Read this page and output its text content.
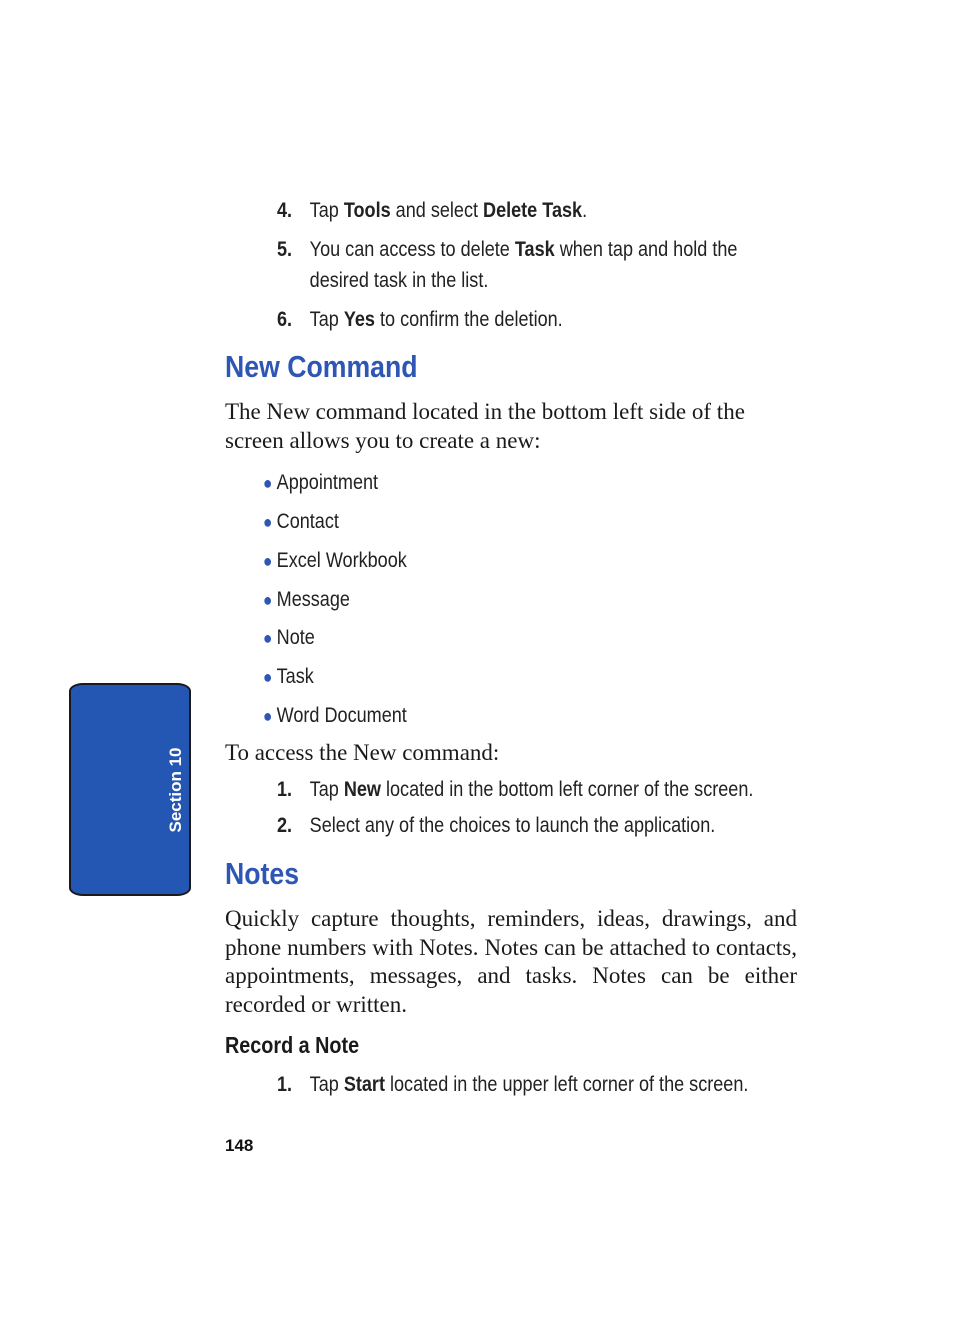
4. Tap Tools and select Delete Task.
5. You can access to delete Task when tap and hold the
desired task in the list.
6. Tap Yes to confirm the deletion.
New Command

The New command located in the bottom left side of the screen allows you to create a new:

● Appointment
● Contact
● Excel Workbook
● Message
● Note
● Task
● Word Document

To access the New command:

1. Tap New located in the bottom left corner of the screen.
2. Select any of the choices to launch the application.
Notes

Quickly capture thoughts, reminders, ideas, drawings, and phone numbers with Notes. Notes can be attached to contacts, appointments, messages, and tasks. Notes can be either recorded or written.

Record a Note
1. Tap Start located in the upper left corner of the screen.
Section 10
148
